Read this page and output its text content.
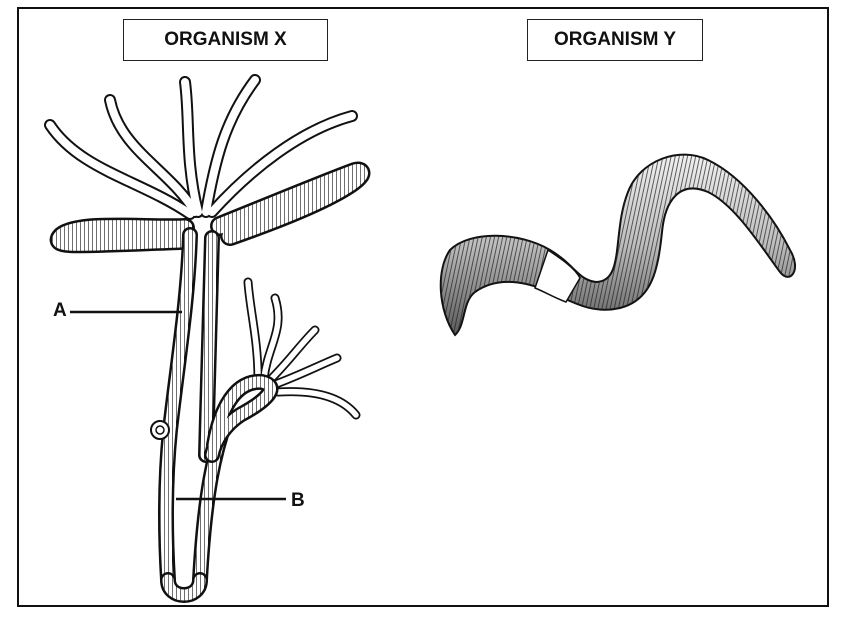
ORGANISM X	ORGANISM Y
A
B
